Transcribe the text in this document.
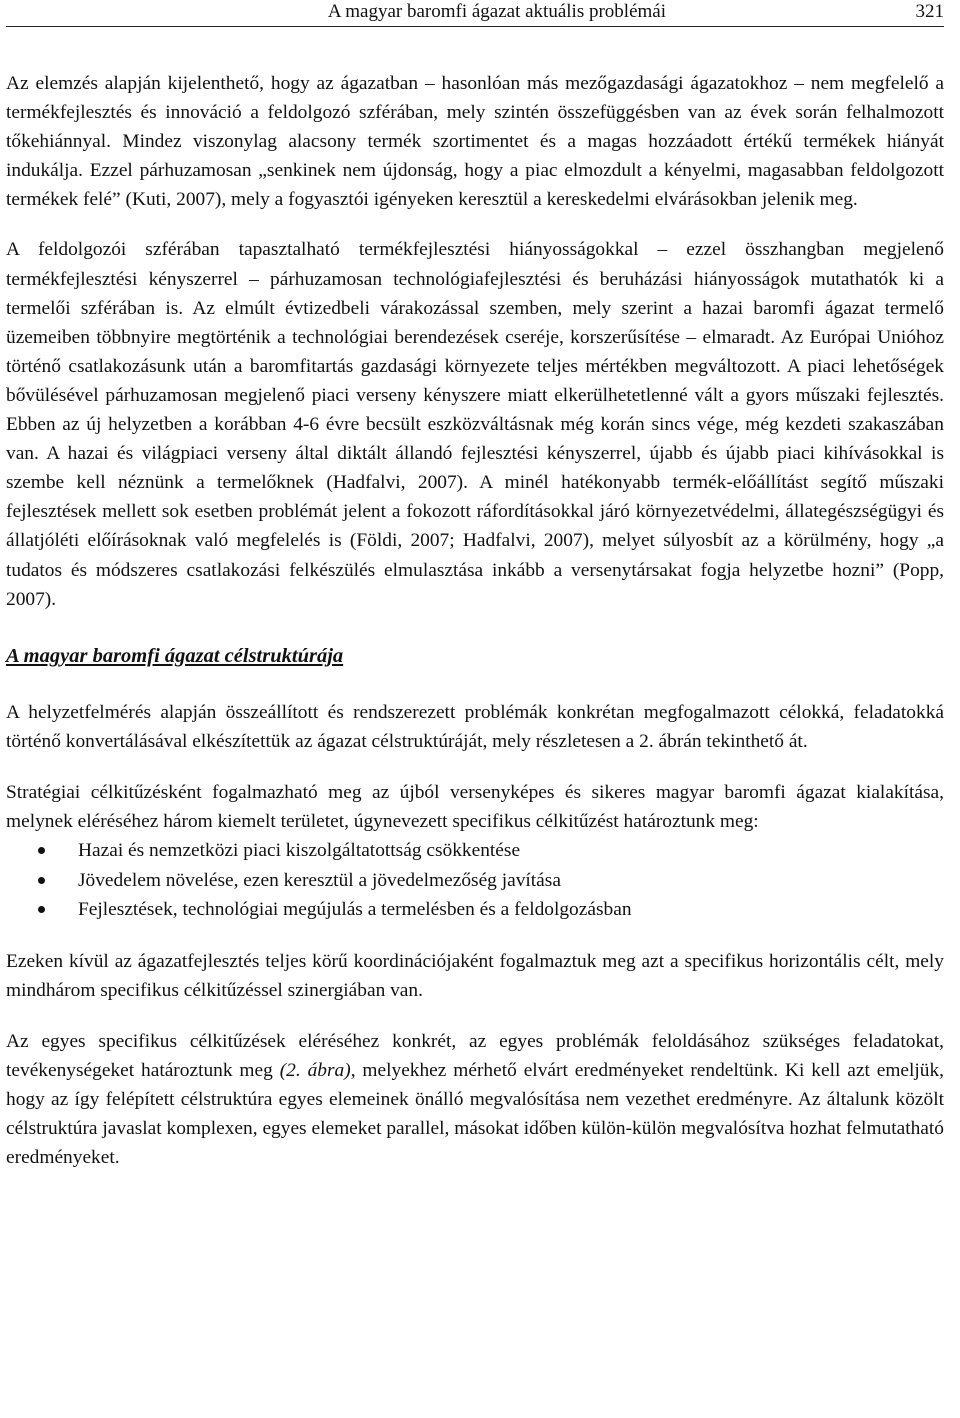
A magyar baromfi ágazat aktuális problémái	321

Az elemzés alapján kijelenthető, hogy az ágazatban – hasonlóan más mezőgazdasági ágazatokhoz – nem megfelelő a termékfejlesztés és innováció a feldolgozó szférában, mely szintén összefüggésben van az évek során felhalmozott tőkehiánnyal. Mindez viszonylag alacsony termék szortimentet és a magas hozzáadott értékű termékek hiányát indukálja. Ezzel párhuzamosan „senkinek nem újdonság, hogy a piac elmozdult a kényelmi, magasabban feldolgozott termékek felé” (Kuti, 2007), mely a fogyasztói igényeken keresztül a kereskedelmi elvárásokban jelenik meg.

A feldolgozói szférában tapasztalható termékfejlesztési hiányosságokkal – ezzel összhangban megjelenő termékfejlesztési kényszerrel – párhuzamosan technológiafejlesztési és beruházási hiányosságok mutathatók ki a termelői szférában is. Az elmúlt évtizedbeli várakozással szemben, mely szerint a hazai baromfi ágazat termelő üzemeiben többnyire megtörténik a technológiai berendezések cseréje, korszerűsítése – elmaradt. Az Európai Unióhoz történő csatlakozásunk után a baromfitartás gazdasági környezete teljes mértékben megváltozott. A piaci lehetőségek bővülésével párhuzamosan megjelenő piaci verseny kényszere miatt elkerülhetetlenné vált a gyors műszaki fejlesztés. Ebben az új helyzetben a korábban 4-6 évre becsült eszközváltásnak még korán sincs vége, még kezdeti szakaszában van. A hazai és világpiaci verseny által diktált állandó fejlesztési kényszerrel, újabb és újabb piaci kihívásokkal is szembe kell néznünk a termelőknek (Hadfalvi, 2007). A minél hatékonyabb termék-előállítást segítő műszaki fejlesztések mellett sok esetben problémát jelent a fokozott ráfordításokkal járó környezetvédelmi, állategészségügyi és állatjóléti előírásoknak való megfelelés is (Földi, 2007; Hadfalvi, 2007), melyet súlyosbít az a körülmény, hogy „a tudatos és módszeres csatlakozási felkészülés elmulasztása inkább a versenytársakat fogja helyzetbe hozni” (Popp, 2007).

A magyar baromfi ágazat célstruktúrája

A helyzetfelmérés alapján összeállított és rendszerezett problémák konkrétan megfogalmazott célokká, feladatokká történő konvertálásával elkészítettük az ágazat célstruktúráját, mely részletesen a 2. ábrán tekinthető át.

Stratégiai célkitűzésként fogalmazható meg az újból versenyképes és sikeres magyar baromfi ágazat kialakítása, melynek eléréséhez három kiemelt területet, úgynevezett specifikus célkitűzést határoztunk meg:

Hazai és nemzetközi piaci kiszolgáltatottság csökkentése
Jövedelem növelése, ezen keresztül a jövedelmezőség javítása
Fejlesztések, technológiai megújulás a termelésben és a feldolgozásban

Ezeken kívül az ágazatfejlesztés teljes körű koordinációjaként fogalmaztuk meg azt a specifikus horizontális célt, mely mindhárom specifikus célkitűzéssel szinergiában van.

Az egyes specifikus célkitűzések eléréséhez konkrét, az egyes problémák feloldásához szükséges feladatokat, tevékenységeket határoztunk meg (2. ábra), melyekhez mérhető elvárt eredményeket rendeltünk. Ki kell azt emeljük, hogy az így felépített célstruktúra egyes elemeinek önálló megvalósítása nem vezethet eredményre. Az általunk közölt célstruktúra javaslat komplexen, egyes elemeket parallel, másokat időben külön-külön megvalósítva hozhat felmutatható eredményeket.
